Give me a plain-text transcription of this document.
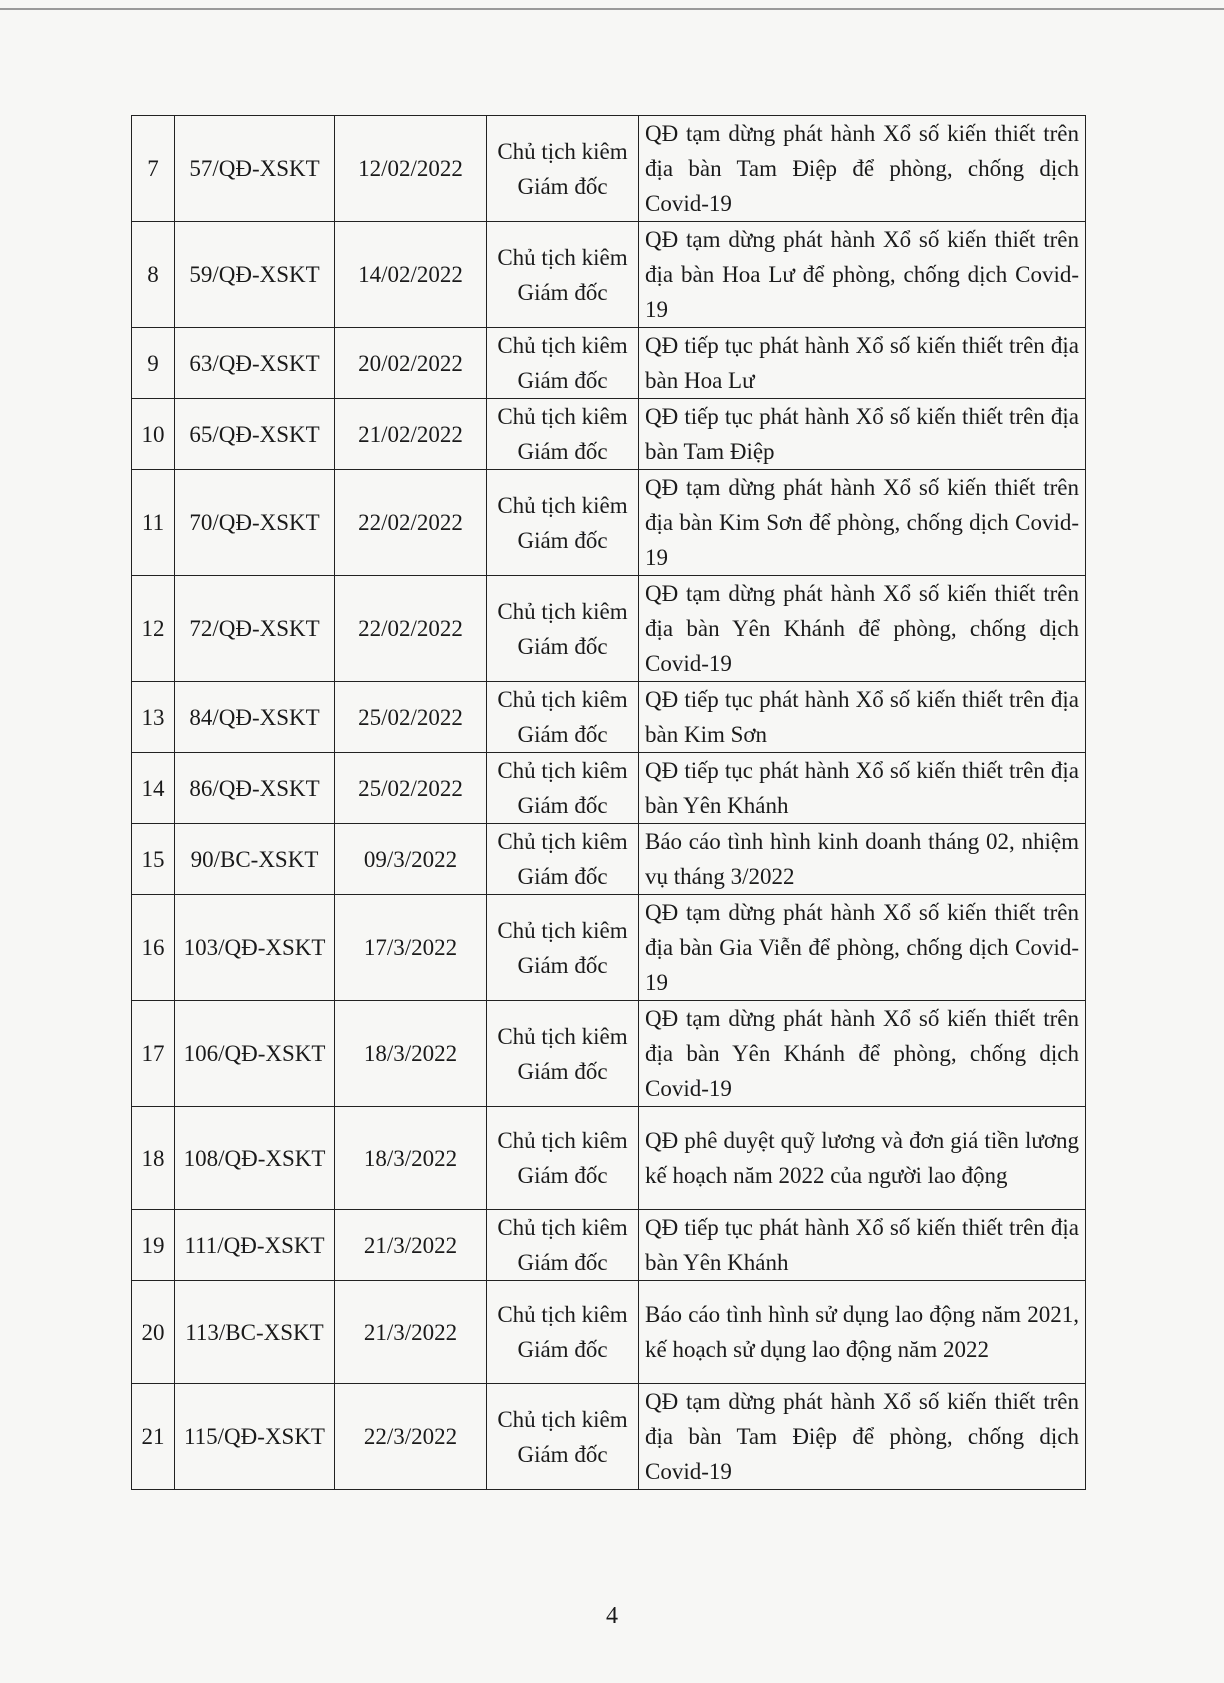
7	57/QĐ-XSKT	12/02/2022	Chủ tịch kiêm Giám đốc	QĐ tạm dừng phát hành Xổ số kiến thiết trên địa bàn Tam Điệp để phòng, chống dịch Covid-19
8	59/QĐ-XSKT	14/02/2022	Chủ tịch kiêm Giám đốc	QĐ tạm dừng phát hành Xổ số kiến thiết trên địa bàn Hoa Lư để phòng, chống dịch Covid-19
9	63/QĐ-XSKT	20/02/2022	Chủ tịch kiêm Giám đốc	QĐ tiếp tục phát hành Xổ số kiến thiết trên địa bàn Hoa Lư
10	65/QĐ-XSKT	21/02/2022	Chủ tịch kiêm Giám đốc	QĐ tiếp tục phát hành Xổ số kiến thiết trên địa bàn Tam Điệp
11	70/QĐ-XSKT	22/02/2022	Chủ tịch kiêm Giám đốc	QĐ tạm dừng phát hành Xổ số kiến thiết trên địa bàn Kim Sơn để phòng, chống dịch Covid-19
12	72/QĐ-XSKT	22/02/2022	Chủ tịch kiêm Giám đốc	QĐ tạm dừng phát hành Xổ số kiến thiết trên địa bàn Yên Khánh để phòng, chống dịch Covid-19
13	84/QĐ-XSKT	25/02/2022	Chủ tịch kiêm Giám đốc	QĐ tiếp tục phát hành Xổ số kiến thiết trên địa bàn Kim Sơn
14	86/QĐ-XSKT	25/02/2022	Chủ tịch kiêm Giám đốc	QĐ tiếp tục phát hành Xổ số kiến thiết trên địa bàn Yên Khánh
15	90/BC-XSKT	09/3/2022	Chủ tịch kiêm Giám đốc	Báo cáo tình hình kinh doanh tháng 02, nhiệm vụ tháng 3/2022
16	103/QĐ-XSKT	17/3/2022	Chủ tịch kiêm Giám đốc	QĐ tạm dừng phát hành Xổ số kiến thiết trên địa bàn Gia Viễn để phòng, chống dịch Covid-19
17	106/QĐ-XSKT	18/3/2022	Chủ tịch kiêm Giám đốc	QĐ tạm dừng phát hành Xổ số kiến thiết trên địa bàn Yên Khánh để phòng, chống dịch Covid-19
18	108/QĐ-XSKT	18/3/2022	Chủ tịch kiêm Giám đốc	QĐ phê duyệt quỹ lương và đơn giá tiền lương kế hoạch năm 2022 của người lao động
19	111/QĐ-XSKT	21/3/2022	Chủ tịch kiêm Giám đốc	QĐ tiếp tục phát hành Xổ số kiến thiết trên địa bàn Yên Khánh
20	113/BC-XSKT	21/3/2022	Chủ tịch kiêm Giám đốc	Báo cáo tình hình sử dụng lao động năm 2021, kế hoạch sử dụng lao động năm 2022
21	115/QĐ-XSKT	22/3/2022	Chủ tịch kiêm Giám đốc	QĐ tạm dừng phát hành Xổ số kiến thiết trên địa bàn Tam Điệp để phòng, chống dịch Covid-19
4
